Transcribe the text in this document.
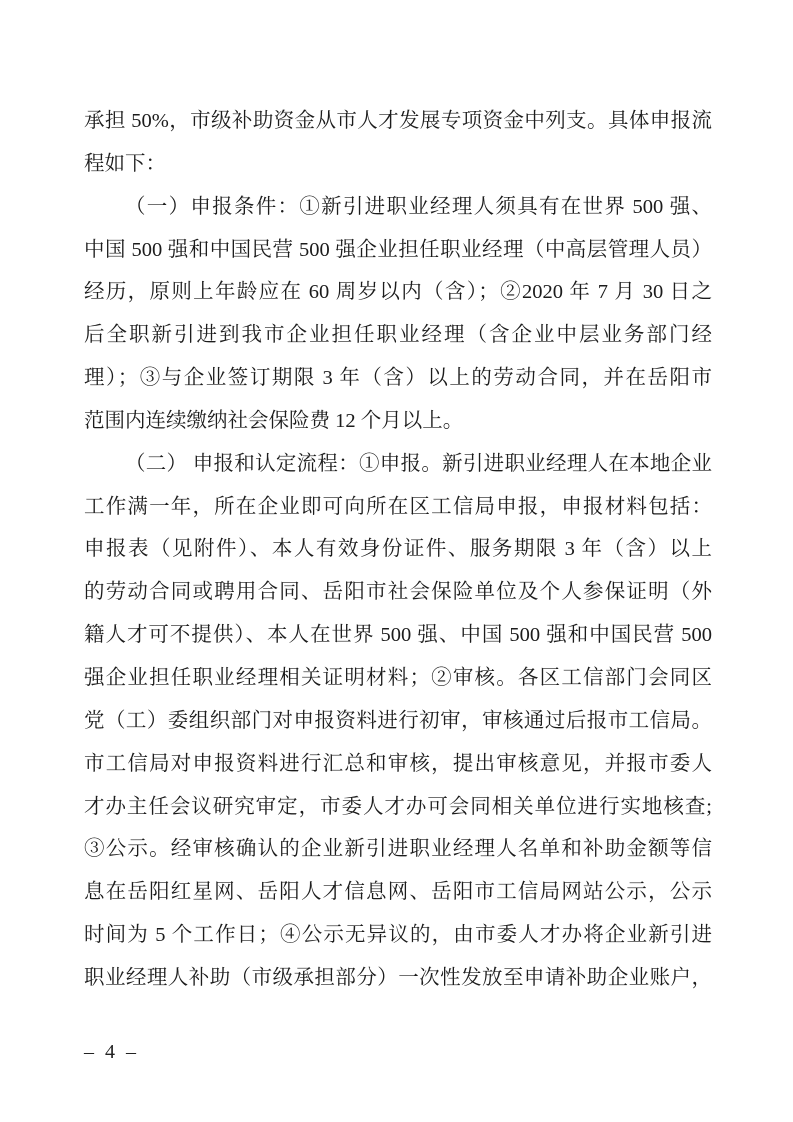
承担 50%，市级补助资金从市人才发展专项资金中列支。具体申报流
程如下：
（一）申报条件：①新引进职业经理人须具有在世界 500 强、
中国 500 强和中国民营 500 强企业担任职业经理（中高层管理人员）
经历，原则上年龄应在 60 周岁以内（含）；②2020 年 7 月 30 日之
后全职新引进到我市企业担任职业经理（含企业中层业务部门经
理）；③与企业签订期限 3 年（含）以上的劳动合同，并在岳阳市
范围内连续缴纳社会保险费 12 个月以上。
（二） 申报和认定流程：①申报。新引进职业经理人在本地企业
工作满一年，所在企业即可向所在区工信局申报，申报材料包括：
申报表（见附件）、本人有效身份证件、服务期限 3 年（含）以上
的劳动合同或聘用合同、岳阳市社会保险单位及个人参保证明（外
籍人才可不提供）、本人在世界 500 强、中国 500 强和中国民营 500
强企业担任职业经理相关证明材料；②审核。各区工信部门会同区
党（工）委组织部门对申报资料进行初审，审核通过后报市工信局。
市工信局对申报资料进行汇总和审核，提出审核意见，并报市委人
才办主任会议研究审定，市委人才办可会同相关单位进行实地核查;
③公示。经审核确认的企业新引进职业经理人名单和补助金额等信
息在岳阳红星网、岳阳人才信息网、岳阳市工信局网站公示，公示
时间为 5 个工作日；④公示无异议的，由市委人才办将企业新引进
职业经理人补助（市级承担部分）一次性发放至申请补助企业账户，
– 4 –
